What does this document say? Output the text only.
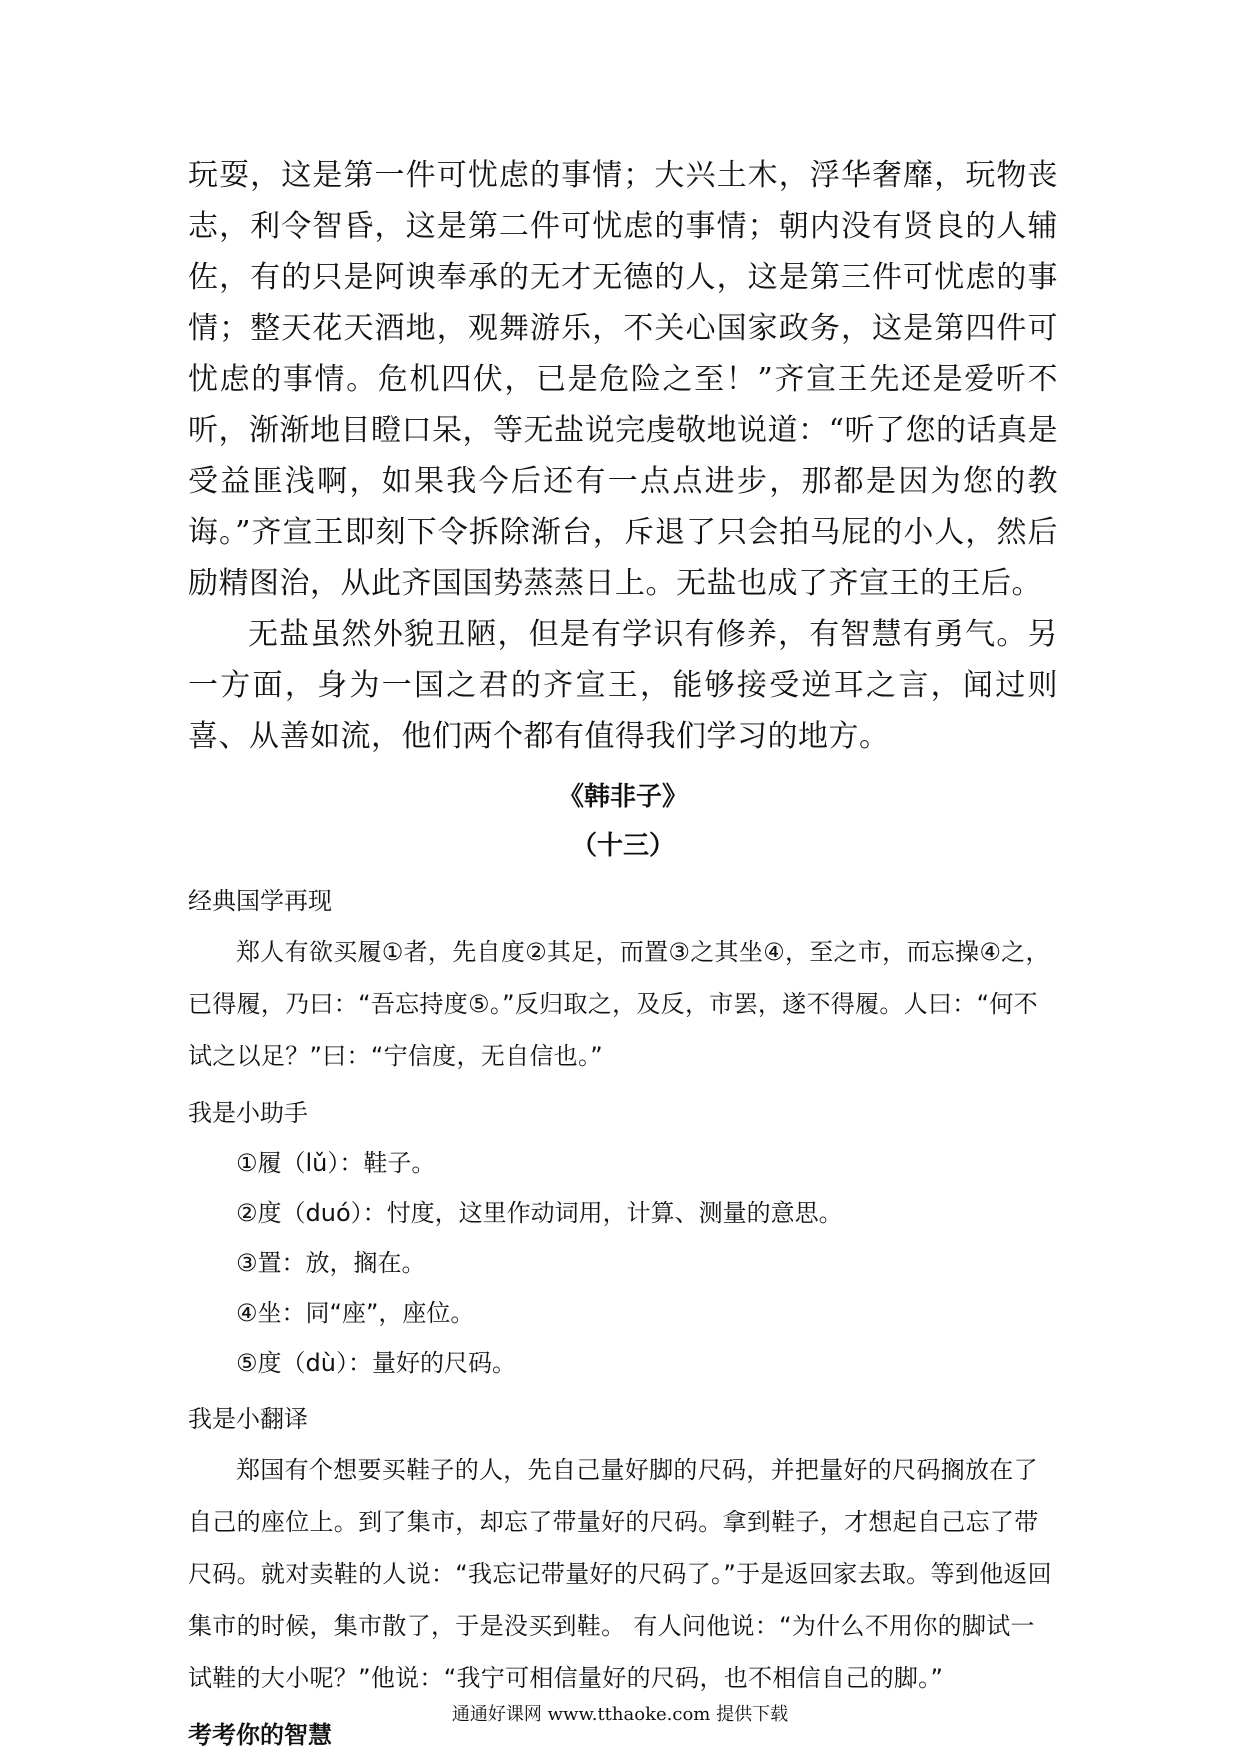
玩耍，这是第一件可忧虑的事情；大兴土木，浮华奢靡，玩物丧志，利令智昏，这是第二件可忧虑的事情；朝内没有贤良的人辅佐，有的只是阿谀奉承的无才无德的人，这是第三件可忧虑的事情；整天花天酒地，观舞游乐，不关心国家政务，这是第四件可忧虑的事情。危机四伏，已是危险之至！”齐宣王先还是爱听不听，渐渐地目瞪口呆，等无盐说完虔敬地说道：“听了您的话真是受益匪浅啊，如果我今后还有一点点进步，那都是因为您的教诲。”齐宣王即刻下令拆除渐台，斥退了只会拍马屁的小人，然后励精图治，从此齐国国势蒸蒸日上。无盐也成了齐宣王的王后。

无盐虽然外貌丑陋，但是有学识有修养，有智慧有勇气。另一方面，身为一国之君的齐宣王，能够接受逆耳之言，闻过则喜、从善如流，他们两个都有值得我们学习的地方。

《韩非子》

（十三）

经典国学再现

郑人有欲买履①者，先自度②其足，而置③之其坐④，至之市，而忘操④之，已得履，乃曰：“吾忘持度⑤。”反归取之，及反，市罢，遂不得履。人曰：“何不试之以足？”曰：“宁信度，无自信也。”

我是小助手

①履（lǔ）：鞋子。

②度（duó）：忖度，这里作动词用，计算、测量的意思。

③置：放，搁在。

④坐：同“座”，座位。

⑤度（dù）：量好的尺码。

我是小翻译

郑国有个想要买鞋子的人，先自己量好脚的尺码，并把量好的尺码搁放在了自己的座位上。到了集市，却忘了带量好的尺码。拿到鞋子，才想起自己忘了带尺码。就对卖鞋的人说：“我忘记带量好的尺码了。”于是返回家去取。等到他返回集市的时候，集市散了，于是没买到鞋。 有人问他说：“为什么不用你的脚试一试鞋的大小呢？”他说：“我宁可相信量好的尺码，也不相信自己的脚。”

考考你的智慧

通通好课网 www.tthaoke.com 提供下载
